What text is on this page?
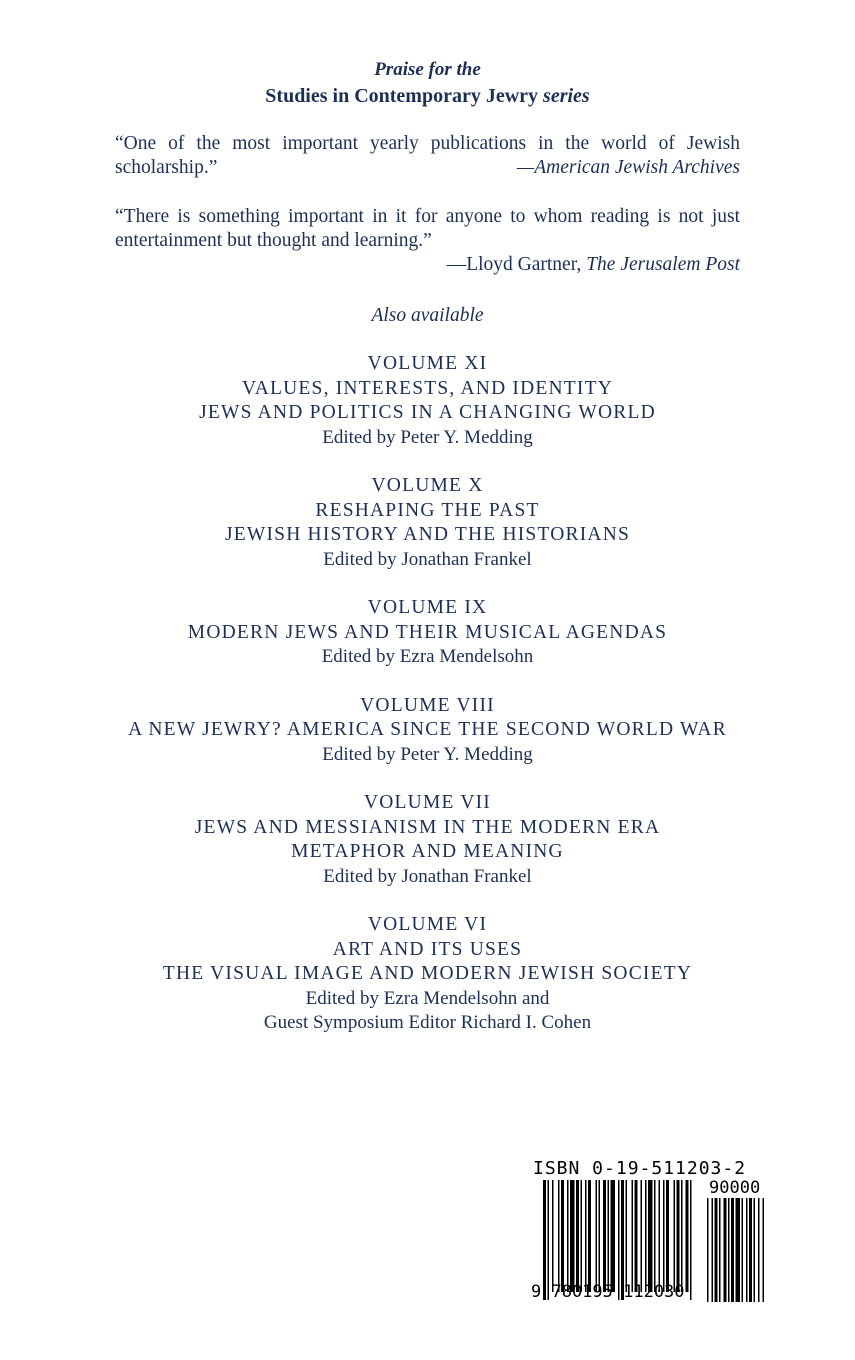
Praise for the
Studies in Contemporary Jewry series
“One of the most important yearly publications in the world of Jewish scholarship.”	—American Jewish Archives
“There is something important in it for anyone to whom reading is not just entertainment but thought and learning.”
—Lloyd Gartner, The Jerusalem Post
Also available
VOLUME XI
VALUES, INTERESTS, AND IDENTITY
JEWS AND POLITICS IN A CHANGING WORLD
Edited by Peter Y. Medding
VOLUME X
RESHAPING THE PAST
JEWISH HISTORY AND THE HISTORIANS
Edited by Jonathan Frankel
VOLUME IX
MODERN JEWS AND THEIR MUSICAL AGENDAS
Edited by Ezra Mendelsohn
VOLUME VIII
A NEW JEWRY? AMERICA SINCE THE SECOND WORLD WAR
Edited by Peter Y. Medding
VOLUME VII
JEWS AND MESSIANISM IN THE MODERN ERA
METAPHOR AND MEANING
Edited by Jonathan Frankel
VOLUME VI
ART AND ITS USES
THE VISUAL IMAGE AND MODERN JEWISH SOCIETY
Edited by Ezra Mendelsohn and
Guest Symposium Editor Richard I. Cohen
ISBN 0-19-511203-2
90000
9 780195 112030
